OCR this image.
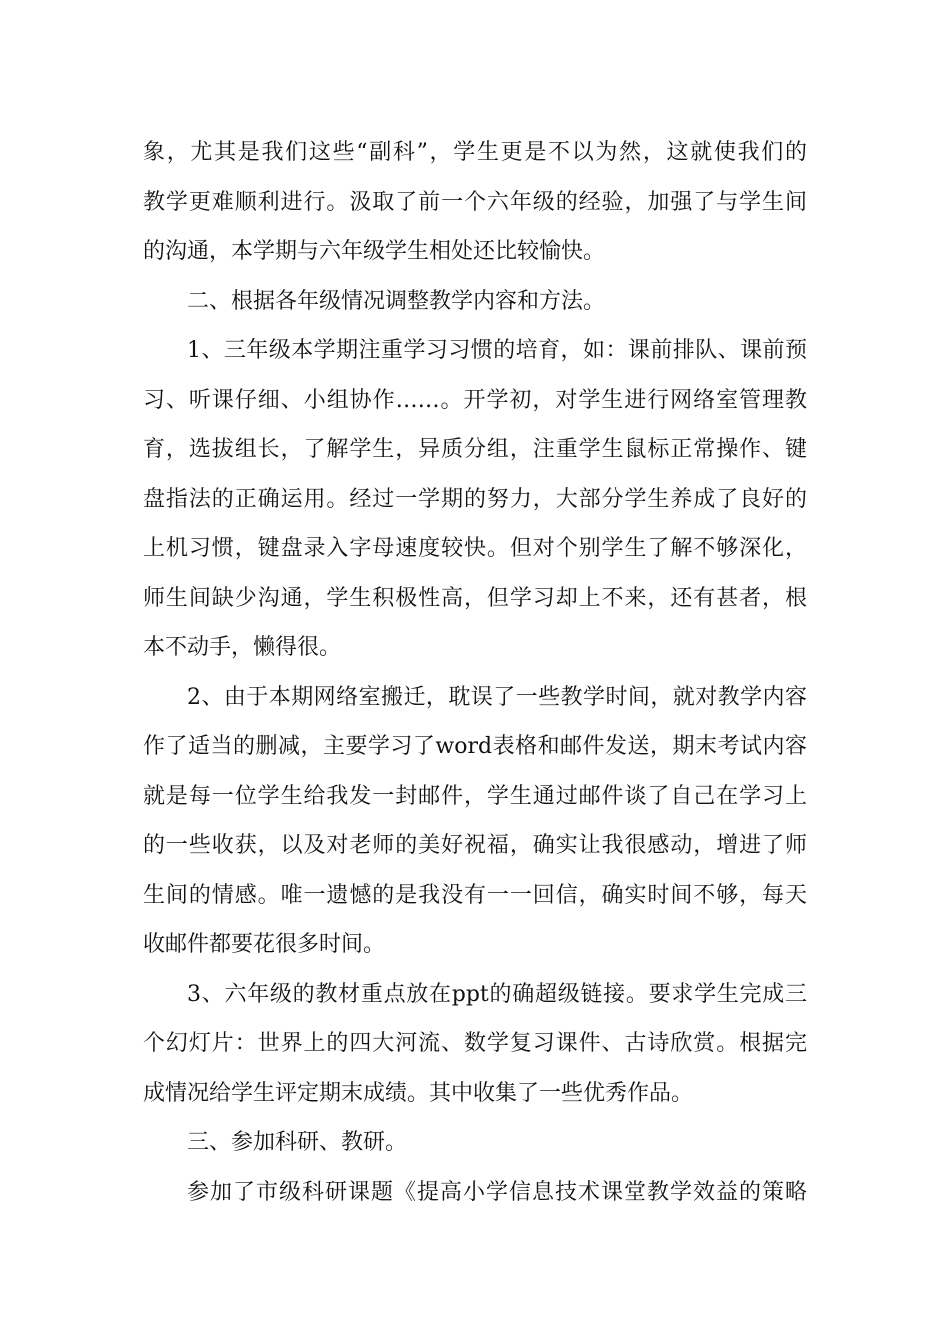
象，尤其是我们这些“副科”，学生更是不以为然，这就使我们的
教学更难顺利进行。汲取了前一个六年级的经验，加强了与学生间
的沟通，本学期与六年级学生相处还比较愉快。
二、根据各年级情况调整教学内容和方法。
1、三年级本学期注重学习习惯的培育，如：课前排队、课前预
习、听课仔细、小组协作……。开学初，对学生进行网络室管理教
育，选拔组长，了解学生，异质分组，注重学生鼠标正常操作、键
盘指法的正确运用。经过一学期的努力，大部分学生养成了良好的
上机习惯，键盘录入字母速度较快。但对个别学生了解不够深化，
师生间缺少沟通，学生积极性高，但学习却上不来，还有甚者，根
本不动手，懒得很。
2、由于本期网络室搬迁，耽误了一些教学时间，就对教学内容
作了适当的删减，主要学习了word表格和邮件发送，期末考试内容
就是每一位学生给我发一封邮件，学生通过邮件谈了自己在学习上
的一些收获，以及对老师的美好祝福，确实让我很感动，增进了师
生间的情感。唯一遗憾的是我没有一一回信，确实时间不够，每天
收邮件都要花很多时间。
3、六年级的教材重点放在ppt的确超级链接。要求学生完成三
个幻灯片：世界上的四大河流、数学复习课件、古诗欣赏。根据完
成情况给学生评定期末成绩。其中收集了一些优秀作品。
三、参加科研、教研。
参加了市级科研课题《提高小学信息技术课堂教学效益的策略
